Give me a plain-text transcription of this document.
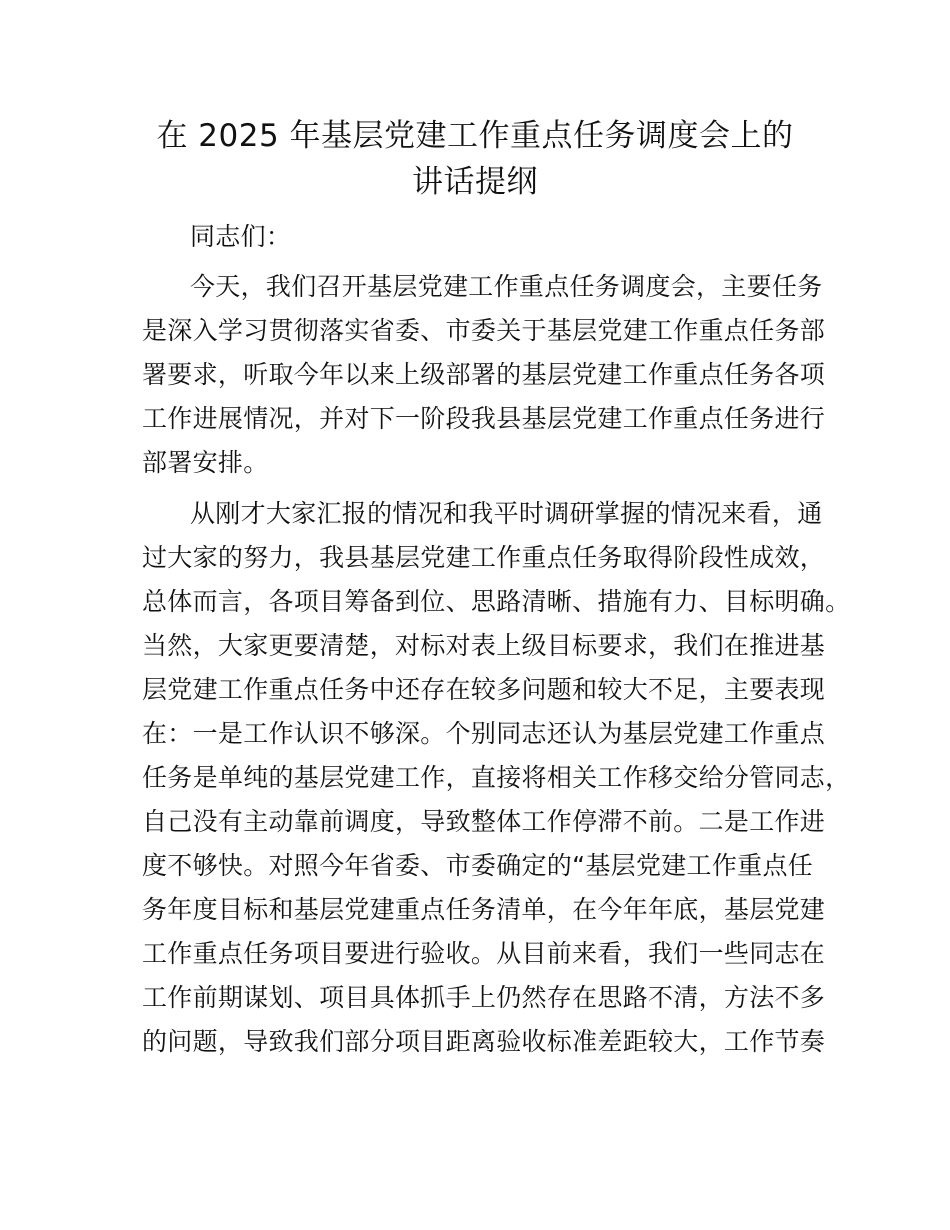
在 2025 年基层党建工作重点任务调度会上的
讲话提纲
同志们：
今天，我们召开基层党建工作重点任务调度会，主要任务
是深入学习贯彻落实省委、市委关于基层党建工作重点任务部
署要求，听取今年以来上级部署的基层党建工作重点任务各项
工作进展情况，并对下一阶段我县基层党建工作重点任务进行
部署安排。
从刚才大家汇报的情况和我平时调研掌握的情况来看，通
过大家的努力，我县基层党建工作重点任务取得阶段性成效，
总体而言，各项目筹备到位、思路清晰、措施有力、目标明确。
当然，大家更要清楚，对标对表上级目标要求，我们在推进基
层党建工作重点任务中还存在较多问题和较大不足，主要表现
在：一是工作认识不够深。个别同志还认为基层党建工作重点
任务是单纯的基层党建工作，直接将相关工作移交给分管同志，
自己没有主动靠前调度，导致整体工作停滞不前。二是工作进
度不够快。对照今年省委、市委确定的“基层党建工作重点任
务年度目标和基层党建重点任务清单，在今年年底，基层党建
工作重点任务项目要进行验收。从目前来看，我们一些同志在
工作前期谋划、项目具体抓手上仍然存在思路不清，方法不多
的问题，导致我们部分项目距离验收标准差距较大，工作节奏
